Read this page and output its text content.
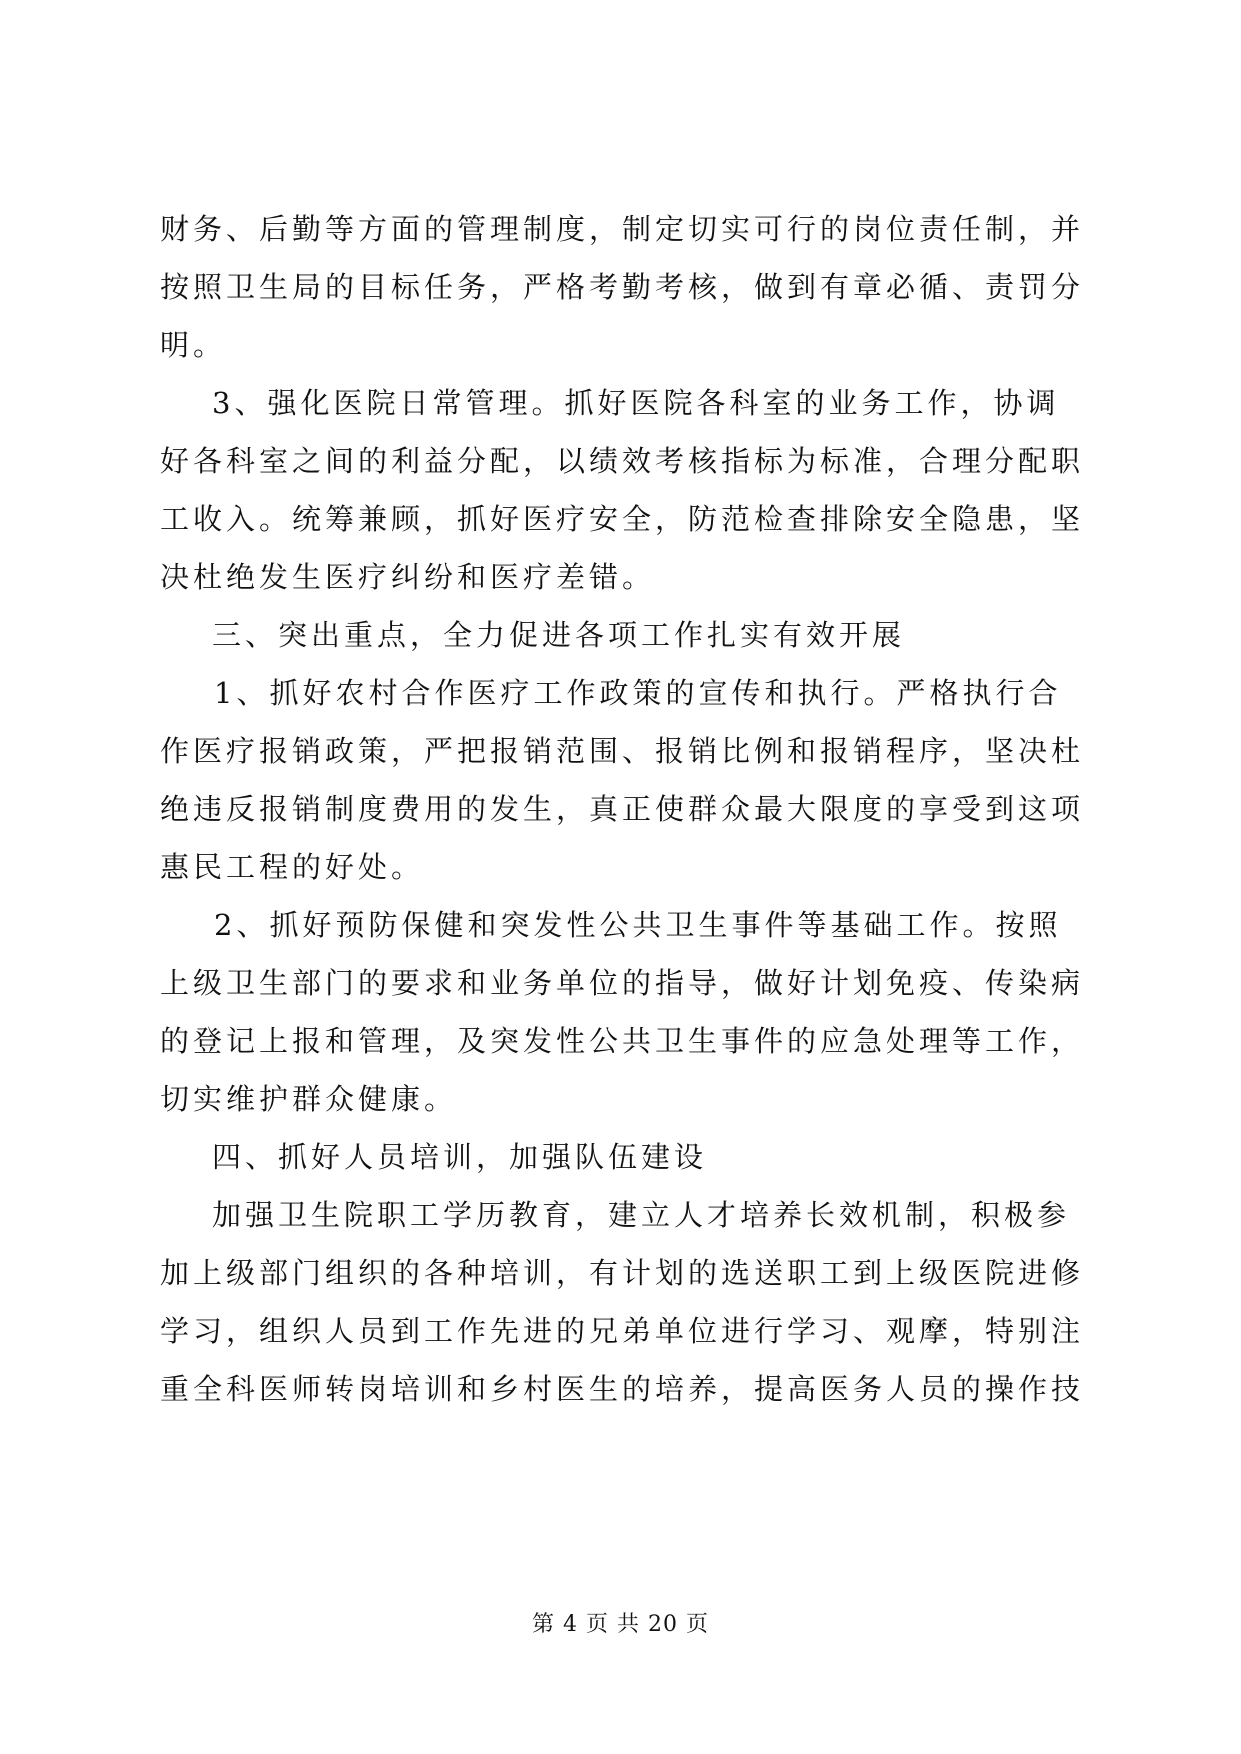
财务、后勤等方面的管理制度，制定切实可行的岗位责任制，并
按照卫生局的目标任务，严格考勤考核，做到有章必循、责罚分
明。
3、强化医院日常管理。抓好医院各科室的业务工作，协调
好各科室之间的利益分配，以绩效考核指标为标准，合理分配职
工收入。统筹兼顾，抓好医疗安全，防范检查排除安全隐患，坚
决杜绝发生医疗纠纷和医疗差错。
三、突出重点，全力促进各项工作扎实有效开展
1、抓好农村合作医疗工作政策的宣传和执行。严格执行合
作医疗报销政策，严把报销范围、报销比例和报销程序，坚决杜
绝违反报销制度费用的发生，真正使群众最大限度的享受到这项
惠民工程的好处。
2、抓好预防保健和突发性公共卫生事件等基础工作。按照
上级卫生部门的要求和业务单位的指导，做好计划免疫、传染病
的登记上报和管理，及突发性公共卫生事件的应急处理等工作，
切实维护群众健康。
四、抓好人员培训，加强队伍建设
加强卫生院职工学历教育，建立人才培养长效机制，积极参
加上级部门组织的各种培训，有计划的选送职工到上级医院进修
学习，组织人员到工作先进的兄弟单位进行学习、观摩，特别注
重全科医师转岗培训和乡村医生的培养，提高医务人员的操作技
第 4 页 共 20 页
